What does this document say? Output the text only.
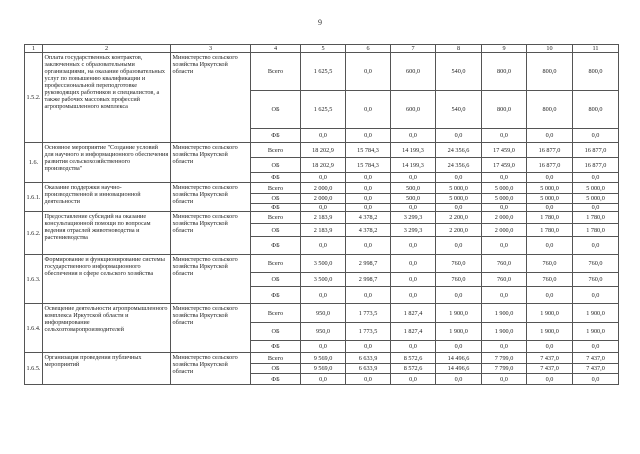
9
1	2	3	4	5	6	7	8	9	10	11
1.5.2.	Оплата государственных контрактов, заключенных с образовательными организациями, на оказание образовательных услуг по повышению квалификации и профессиональной переподготовке руководящих работников и специалистов, а также рабочих массовых профессий агропромышленного комплекса	Министерство сельского хозяйства Иркутской области	Всего	1 625,5	0,0	600,0	540,0	800,0	800,0	800,0
			ОБ	1 625,5	0,0	600,0	540,0	800,0	800,0	800,0
			ФБ	0,0	0,0	0,0	0,0	0,0	0,0	0,0
1.6.	Основное мероприятие "Создание условий для научного и информационного обеспечения развития сельскохозяйственного производства"	Министерство сельского хозяйства Иркутской области	Всего	18 202,9	15 784,3	14 199,3	24 356,6	17 459,0	16 877,0	16 877,0
			ОБ	18 202,9	15 784,3	14 199,3	24 356,6	17 459,0	16 877,0	16 877,0
			ФБ	0,0	0,0	0,0	0,0	0,0	0,0	0,0
1.6.1.	Оказание поддержки научно-производственной и инновационной деятельности	Министерство сельского хозяйства Иркутской области	Всего	2 000,0	0,0	500,0	5 000,0	5 000,0	5 000,0	5 000,0
			ОБ	2 000,0	0,0	500,0	5 000,0	5 000,0	5 000,0	5 000,0
			ФБ	0,0	0,0	0,0	0,0	0,0	0,0	0,0
1.6.2.	Предоставление субсидий на оказание консультационной помощи по вопросам ведения отраслей животноводства и растениеводства	Министерство сельского хозяйства Иркутской области	Всего	2 183,9	4 378,2	3 299,3	2 200,0	2 000,0	1 780,0	1 780,0
			ОБ	2 183,9	4 378,2	3 299,3	2 200,0	2 000,0	1 780,0	1 780,0
			ФБ	0,0	0,0	0,0	0,0	0,0	0,0	0,0
1.6.3.	Формирование и функционирование системы государственного информационного обеспечения в сфере сельского хозяйства	Министерство сельского хозяйства Иркутской области	Всего	3 500,0	2 998,7	0,0	760,0	760,0	760,0	760,0
			ОБ	3 500,0	2 998,7	0,0	760,0	760,0	760,0	760,0
			ФБ	0,0	0,0	0,0	0,0	0,0	0,0	0,0
1.6.4.	Освещение деятельности агропромышленного комплекса Иркутской области и информирование сельхозтоваропроизводителей	Министерство сельского хозяйства Иркутской области	Всего	950,0	1 773,5	1 827,4	1 900,0	1 900,0	1 900,0	1 900,0
			ОБ	950,0	1 773,5	1 827,4	1 900,0	1 900,0	1 900,0	1 900,0
			ФБ	0,0	0,0	0,0	0,0	0,0	0,0	0,0
1.6.5.	Организация проведения публичных мероприятий	Министерство сельского хозяйства Иркутской области	Всего	9 569,0	6 633,9	8 572,6	14 496,6	7 799,0	7 437,0	7 437,0
			ОБ	9 569,0	6 633,9	8 572,6	14 496,6	7 799,0	7 437,0	7 437,0
			ФБ	0,0	0,0	0,0	0,0	0,0	0,0	0,0
